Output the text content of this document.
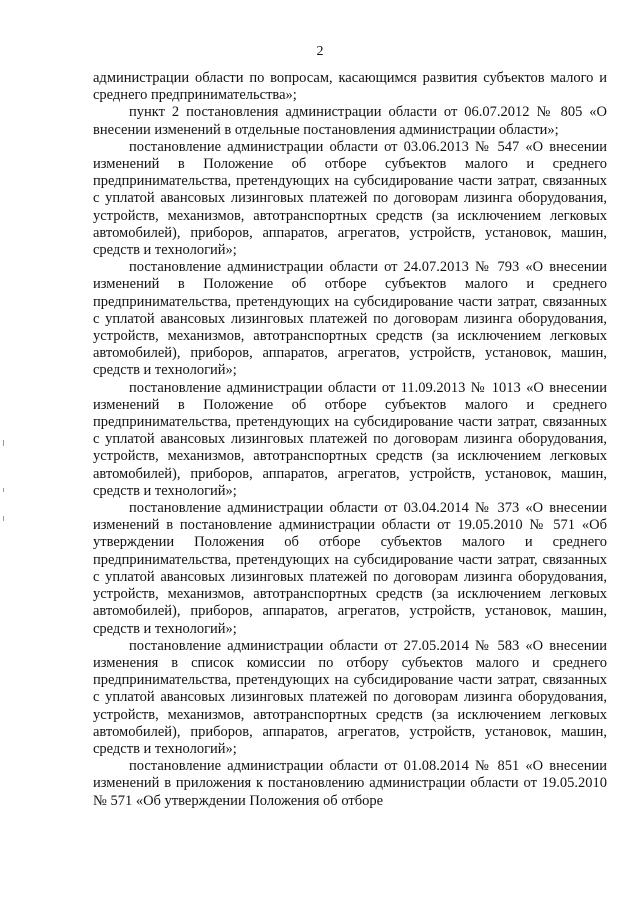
2

администрации области по вопросам, касающимся развития субъектов малого и среднего предпринимательства»;

пункт 2 постановления администрации области от 06.07.2012 № 805 «О внесении изменений в отдельные постановления администрации области»;

постановление администрации области от 03.06.2013 № 547 «О внесении изменений в Положение об отборе субъектов малого и среднего предпринимательства, претендующих на субсидирование части затрат, связанных с уплатой авансовых лизинговых платежей по договорам лизинга оборудования, устройств, механизмов, автотранспортных средств (за исключением легковых автомобилей), приборов, аппаратов, агрегатов, устройств, установок, машин, средств и технологий»;

постановление администрации области от 24.07.2013 № 793 «О внесении изменений в Положение об отборе субъектов малого и среднего предпринимательства, претендующих на субсидирование части затрат, связанных с уплатой авансовых лизинговых платежей по договорам лизинга оборудования, устройств, механизмов, автотранспортных средств (за исключением легковых автомобилей), приборов, аппаратов, агрегатов, устройств, установок, машин, средств и технологий»;

постановление администрации области от 11.09.2013 № 1013 «О внесении изменений в Положение об отборе субъектов малого и среднего предпринимательства, претендующих на субсидирование части затрат, связанных с уплатой авансовых лизинговых платежей по договорам лизинга оборудования, устройств, механизмов, автотранспортных средств (за исключением легковых автомобилей), приборов, аппаратов, агрегатов, устройств, установок, машин, средств и технологий»;

постановление администрации области от 03.04.2014 № 373 «О внесении изменений в постановление администрации области от 19.05.2010 № 571 «Об утверждении Положения об отборе субъектов малого и среднего предпринимательства, претендующих на субсидирование части затрат, связанных с уплатой авансовых лизинговых платежей по договорам лизинга оборудования, устройств, механизмов, автотранспортных средств (за исключением легковых автомобилей), приборов, аппаратов, агрегатов, устройств, установок, машин, средств и технологий»;

постановление администрации области от 27.05.2014 № 583 «О внесении изменения в список комиссии по отбору субъектов малого и среднего предпринимательства, претендующих на субсидирование части затрат, связанных с уплатой авансовых лизинговых платежей по договорам лизинга оборудования, устройств, механизмов, автотранспортных средств (за исключением легковых автомобилей), приборов, аппаратов, агрегатов, устройств, установок, машин, средств и технологий»;

постановление администрации области от 01.08.2014 № 851 «О внесении изменений в приложения к постановлению администрации области от 19.05.2010 № 571 «Об утверждении Положения об отборе
